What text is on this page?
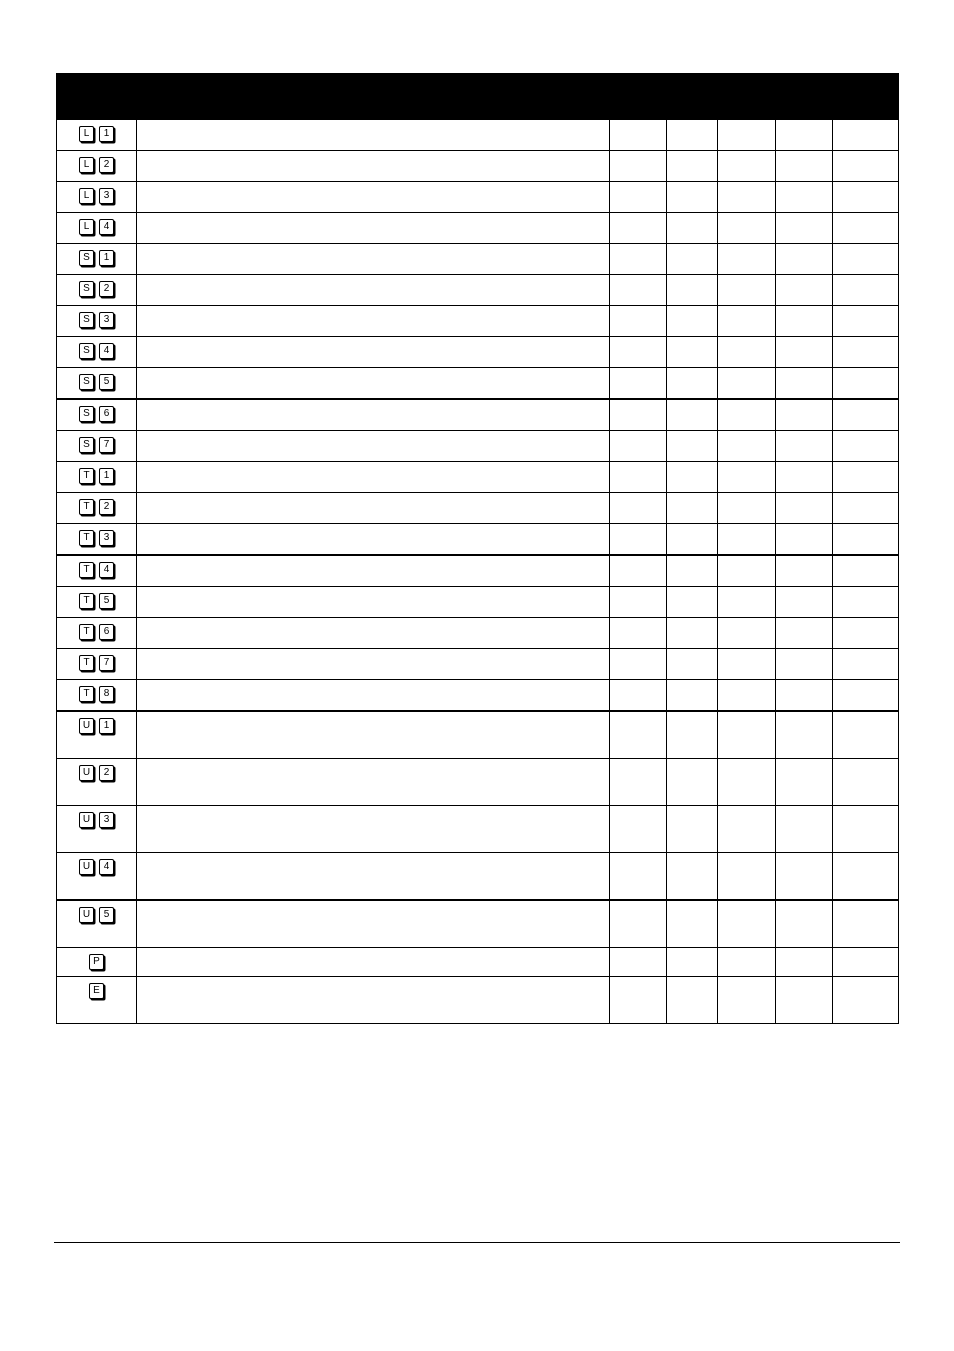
L 1						

L 2						

L 3						

L 4						

S 1						

S 2						

S 3						

S 4						

S 5						

S 6						

S 7						

T 1						

T 2						

T 3						

T 4						

T 5						

T 6						

T 7						

T 8						

U 1						

U 2						

U 3						

U 4						

U 5						

P						

E						
